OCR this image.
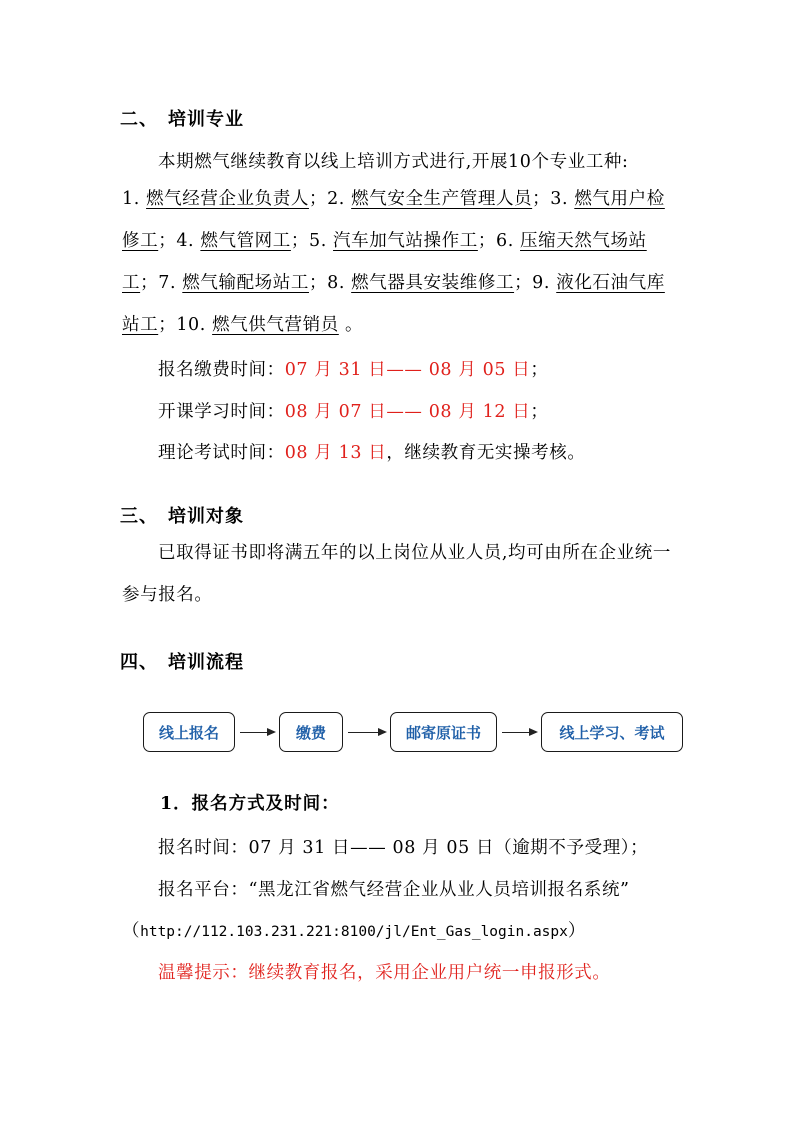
二、 培训专业
本期燃气继续教育以线上培训方式进行,开展10个专业工种:
1. 燃气经营企业负责人；2. 燃气安全生产管理人员；3. 燃气用户检修工；4. 燃气管网工；5. 汽车加气站操作工；6. 压缩天然气场站工；7. 燃气输配场站工；8. 燃气器具安装维修工；9. 液化石油气库站工；10. 燃气供气营销员 。
报名缴费时间：07 月 31 日—— 08 月 05 日；
开课学习时间：08 月 07 日—— 08 月 12 日；
理论考试时间：08 月 13 日，继续教育无实操考核。
三、 培训对象
已取得证书即将满五年的以上岗位从业人员,均可由所在企业统一参与报名。
四、 培训流程
线上报名	缴费	邮寄原证书	线上学习、考试
1．报名方式及时间：
报名时间：07 月 31 日—— 08 月 05 日（逾期不予受理）；
报名平台：“黑龙江省燃气经营企业从业人员培训报名系统”
（http://112.103.231.221:8100/jl/Ent_Gas_login.aspx）
温馨提示：继续教育报名，采用企业用户统一申报形式。
